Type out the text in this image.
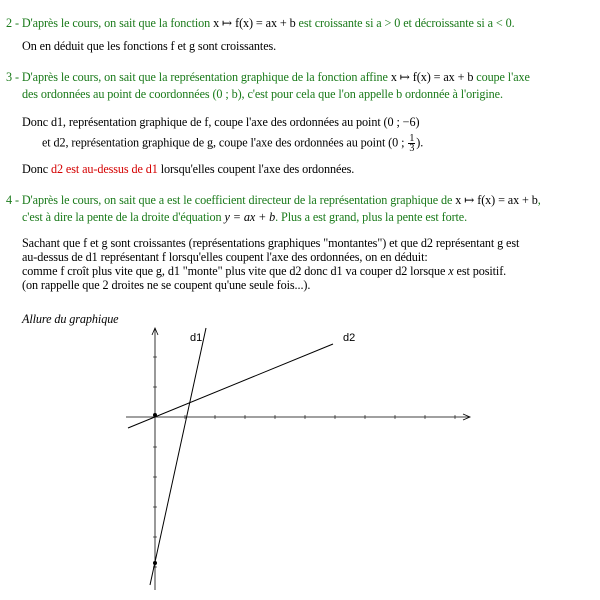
2 - D'après le cours, on sait que la fonction x ↦ f(x) = ax + b est croissante si a > 0 et décroissante si a < 0.
On en déduit que les fonctions f et g sont croissantes.
3 - D'après le cours, on sait que la représentation graphique de la fonction affine x ↦ f(x) = ax + b coupe l'axe
des ordonnées au point de coordonnées (0 ; b), c'est pour cela que l'on appelle b ordonnée à l'origine.
Donc d1, représentation graphique de f, coupe l'axe des ordonnées au point (0 ; −6)
et d2, représentation graphique de g, coupe l'axe des ordonnées au point (0 ; $\frac{1}{3}$ ).
Donc d2 est au-dessus de d1 lorsqu'elles coupent l'axe des ordonnées.
4 - D'après le cours, on sait que a est le coefficient directeur de la représentation graphique de x ↦ f(x) = ax + b,
c'est à dire la pente de la droite d'équation y = ax + b. Plus a est grand, plus la pente est forte.
Sachant que f et g sont croissantes (représentations graphiques "montantes") et que d2 représentant g est
au-dessus de d1 représentant f lorsqu'elles coupent l'axe des ordonnées, on en déduit:
comme f croît plus vite que g, d1 "monte" plus vite que d2 donc d1 va couper d2 lorsque x est positif.
(on rappelle que 2 droites ne se coupent qu'une seule fois...).
Allure du graphique
d1	d2
